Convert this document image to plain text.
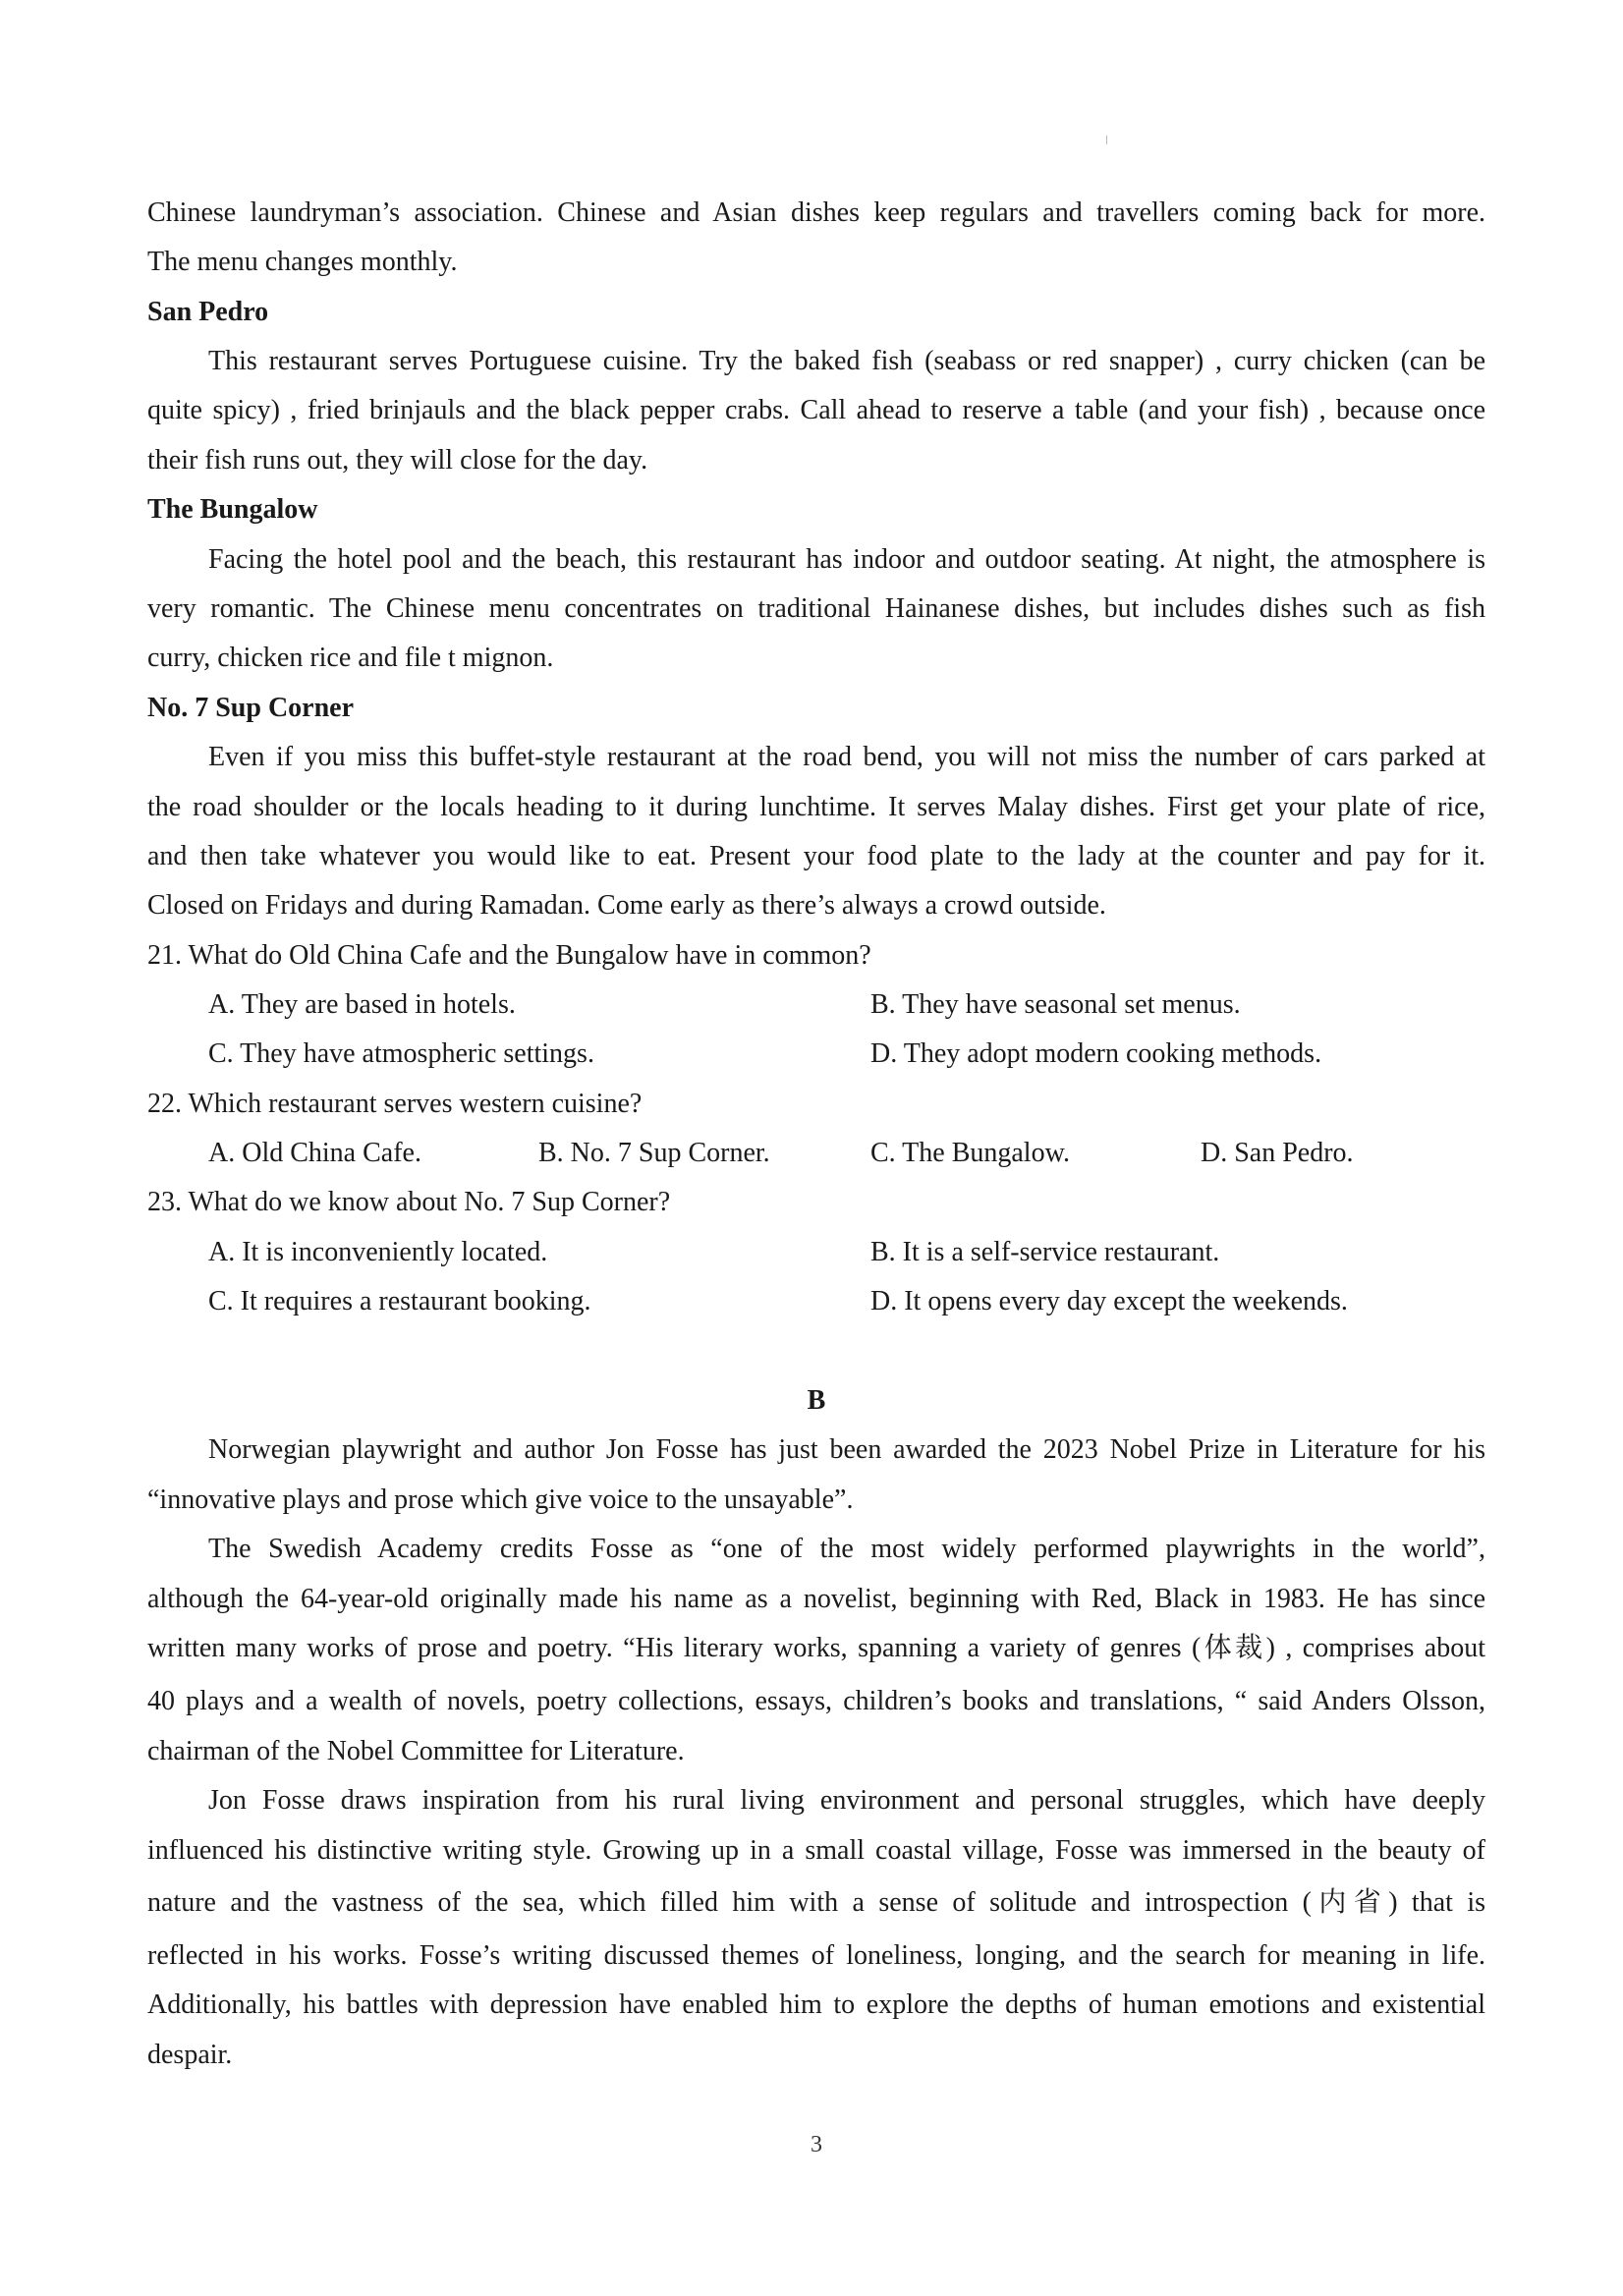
Chinese laundryman’s association. Chinese and Asian dishes keep regulars and travellers coming back for more.
The menu changes monthly.
San Pedro
This restaurant serves Portuguese cuisine. Try the baked fish (seabass or red snapper) , curry chicken (can be
quite spicy) , fried brinjauls and the black pepper crabs. Call ahead to reserve a table (and your fish) , because once
their fish runs out, they will close for the day.
The Bungalow
Facing the hotel pool and the beach, this restaurant has indoor and outdoor seating. At night, the atmosphere is
very romantic. The Chinese menu concentrates on traditional Hainanese dishes, but includes dishes such as fish
curry, chicken rice and file t mignon.
No. 7 Sup Corner
Even if you miss this buffet-style restaurant at the road bend, you will not miss the number of cars parked at
the road shoulder or the locals heading to it during lunchtime. It serves Malay dishes. First get your plate of rice,
and then take whatever you would like to eat. Present your food plate to the lady at the counter and pay for it.
Closed on Fridays and during Ramadan. Come early as there’s always a crowd outside.
21. What do Old China Cafe and the Bungalow have in common?
A. They are based in hotels.	B. They have seasonal set menus.
C. They have atmospheric settings.	D. They adopt modern cooking methods.
22. Which restaurant serves western cuisine?
A. Old China Cafe.	B. No. 7 Sup Corner.	C. The Bungalow.	D. San Pedro.
23. What do we know about No. 7 Sup Corner?
A. It is inconveniently located.	B. It is a self-service restaurant.
C. It requires a restaurant booking.	D. It opens every day except the weekends.
B
Norwegian playwright and author Jon Fosse has just been awarded the 2023 Nobel Prize in Literature for his
“innovative plays and prose which give voice to the unsayable”.
The Swedish Academy credits Fosse as “one of the most widely performed playwrights in the world”,
although the 64-year-old originally made his name as a novelist, beginning with Red, Black in 1983. He has since
written many works of prose and poetry. “His literary works, spanning a variety of genres (体裁) , comprises about
40 plays and a wealth of novels, poetry collections, essays, children’s books and translations, “ said Anders Olsson,
chairman of the Nobel Committee for Literature.
Jon Fosse draws inspiration from his rural living environment and personal struggles, which have deeply
influenced his distinctive writing style. Growing up in a small coastal village, Fosse was immersed in the beauty of
nature and the vastness of the sea, which filled him with a sense of solitude and introspection (内省) that is
reflected in his works. Fosse’s writing discussed themes of loneliness, longing, and the search for meaning in life.
Additionally, his battles with depression have enabled him to explore the depths of human emotions and existential
despair.
3
